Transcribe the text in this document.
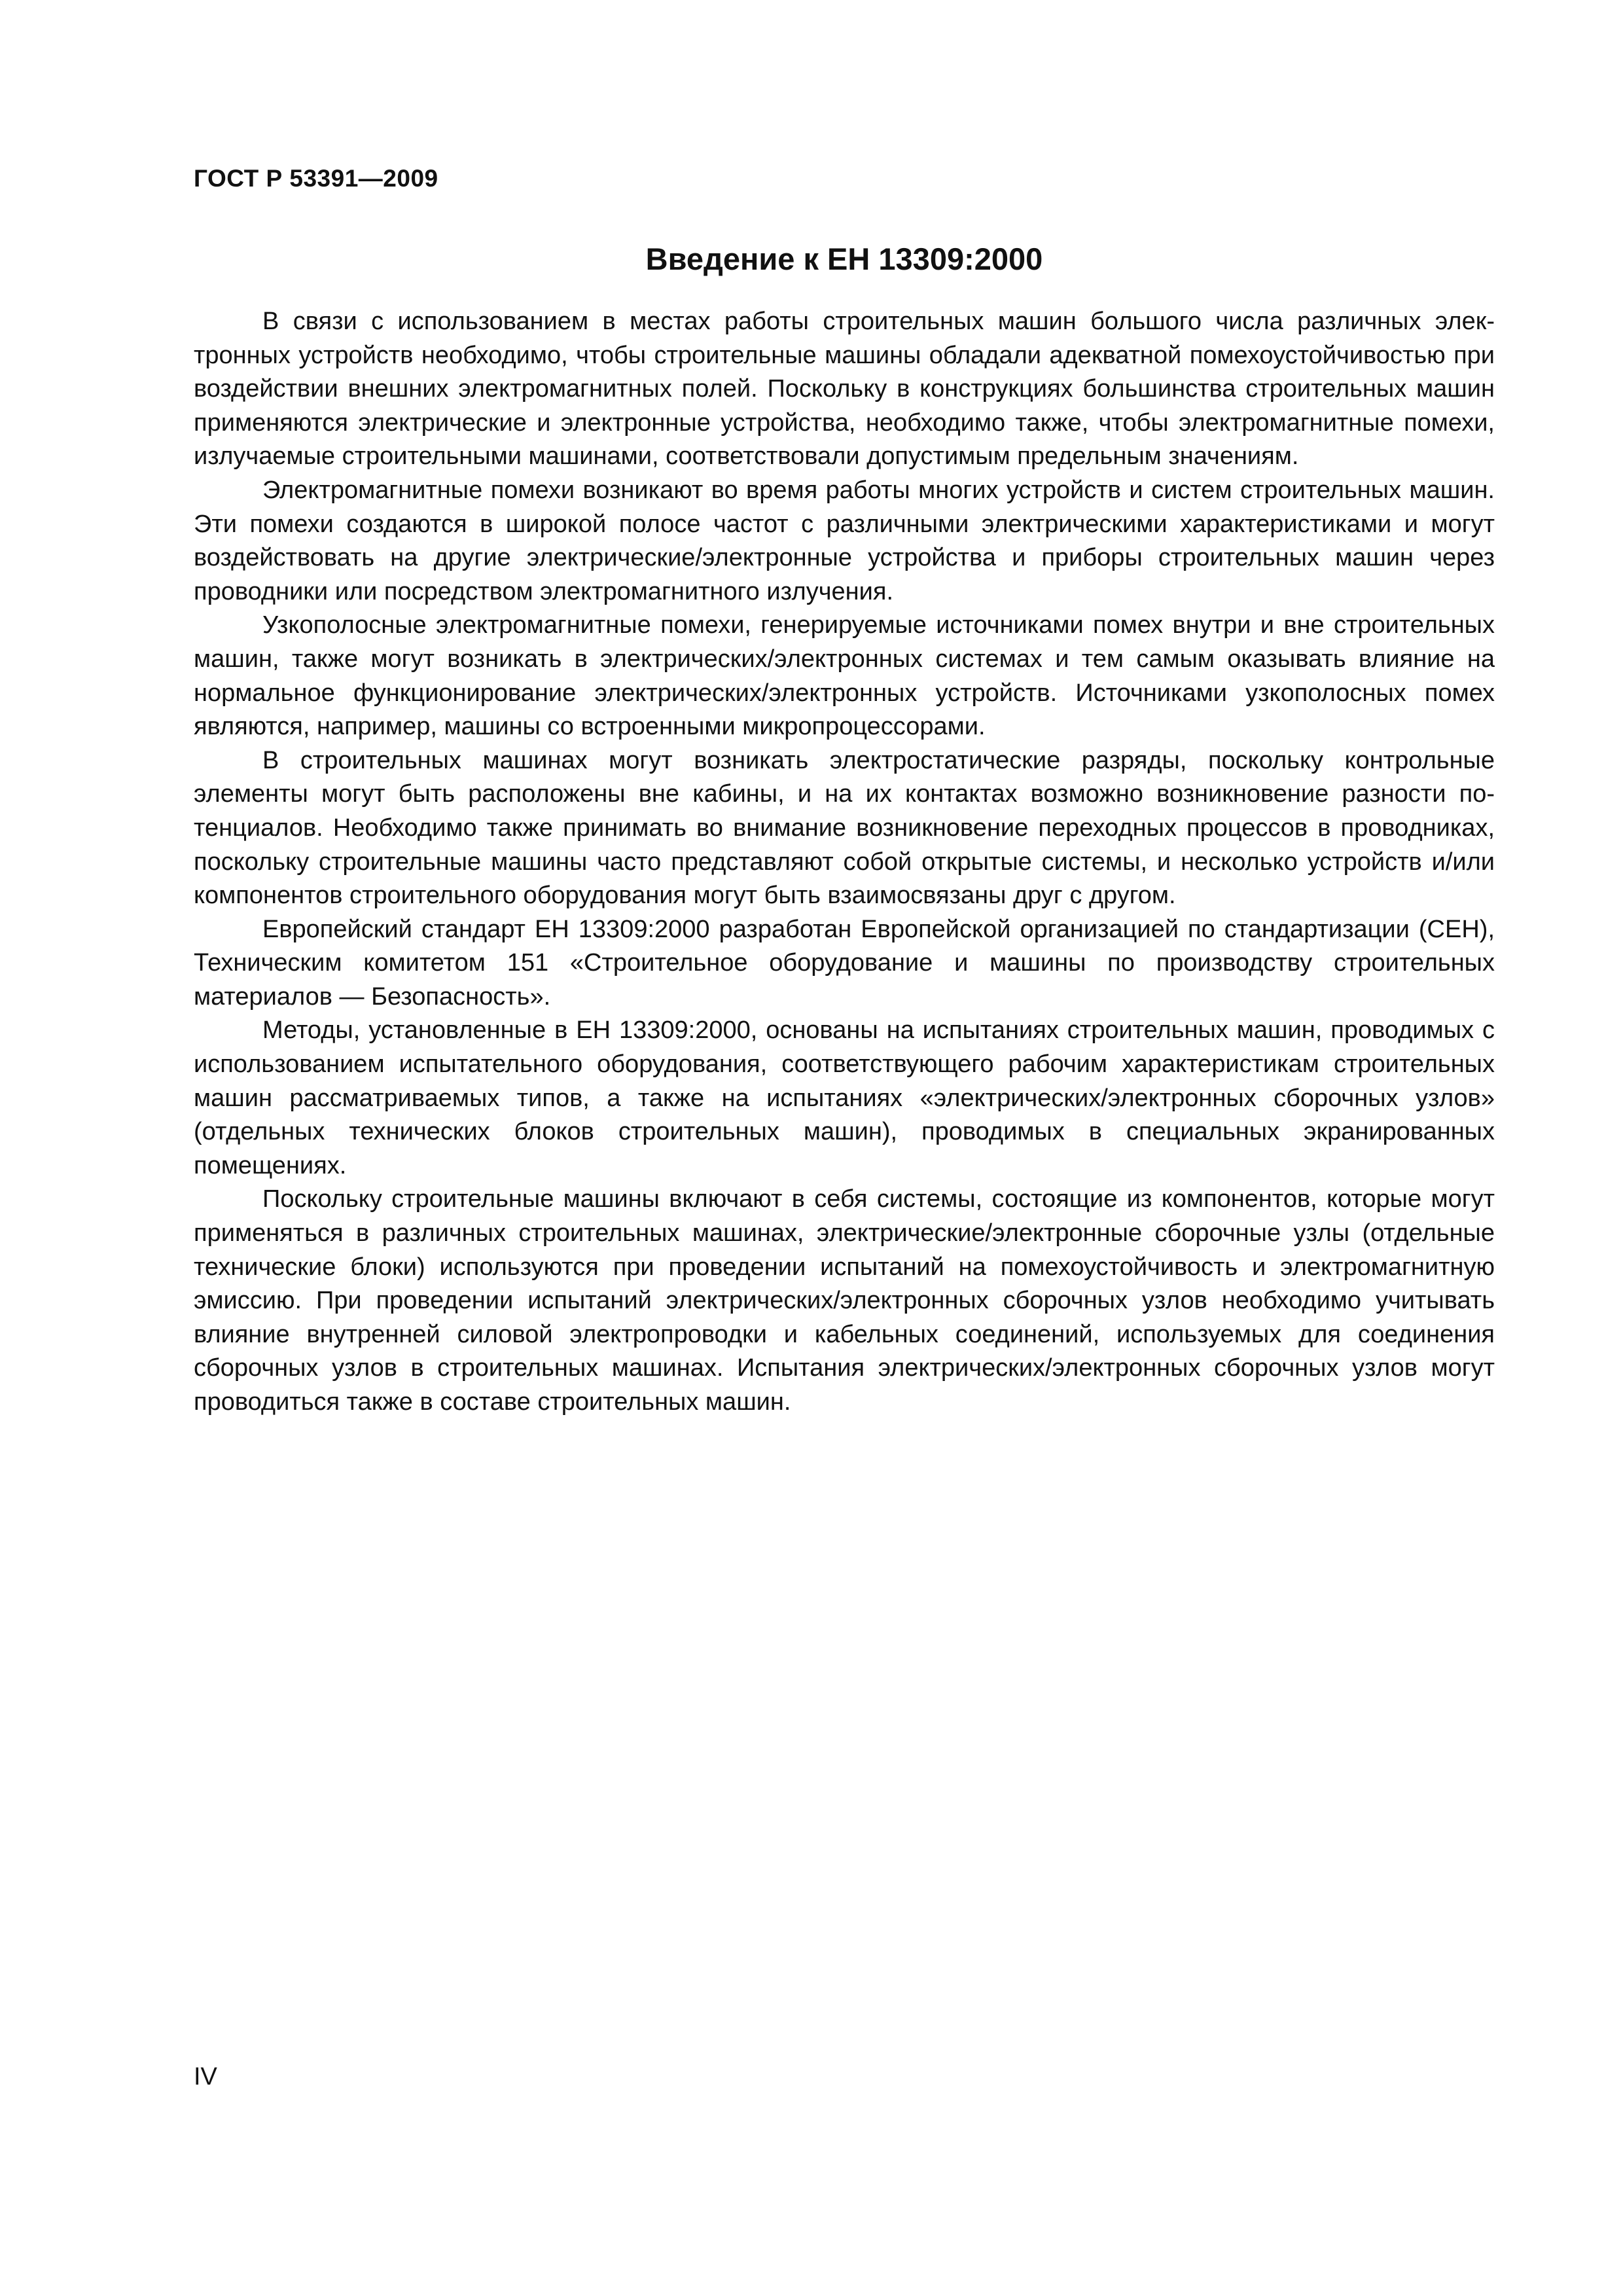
ГОСТ Р 53391—2009
Введение к ЕН 13309:2000

В связи с использованием в местах работы строительных машин большого числа различных электронных устройств необходимо, чтобы строительные машины обладали адекватной помехоустойчивостью при воздействии внешних электромагнитных полей. Поскольку в конструкциях большинства строительных машин применяются электрические и электронные устройства, необходимо также, чтобы электромагнитные помехи, излучаемые строительными машинами, соответствовали допустимым предельным значениям.

Электромагнитные помехи возникают во время работы многих устройств и систем строительных машин. Эти помехи создаются в широкой полосе частот с различными электрическими характеристиками и могут воздействовать на другие электрические/электронные устройства и приборы строительных машин через проводники или посредством электромагнитного излучения.

Узкополосные электромагнитные помехи, генерируемые источниками помех внутри и вне строительных машин, также могут возникать в электрических/электронных системах и тем самым оказывать влияние на нормальное функционирование электрических/электронных устройств. Источниками узкополосных помех являются, например, машины со встроенными микропроцессорами.

В строительных машинах могут возникать электростатические разряды, поскольку контрольные элементы могут быть расположены вне кабины, и на их контактах возможно возникновение разности потенциалов. Необходимо также принимать во внимание возникновение переходных процессов в проводниках, поскольку строительные машины часто представляют собой открытые системы, и несколько устройств и/или компонентов строительного оборудования могут быть взаимосвязаны друг с другом.

Европейский стандарт ЕН 13309:2000 разработан Европейской организацией по стандартизации (СЕН), Техническим комитетом 151 «Строительное оборудование и машины по производству строительных материалов — Безопасность».

Методы, установленные в ЕН 13309:2000, основаны на испытаниях строительных машин, проводимых с использованием испытательного оборудования, соответствующего рабочим характеристикам строительных машин рассматриваемых типов, а также на испытаниях «электрических/электронных сборочных узлов» (отдельных технических блоков строительных машин), проводимых в специальных экранированных помещениях.

Поскольку строительные машины включают в себя системы, состоящие из компонентов, которые могут применяться в различных строительных машинах, электрические/электронные сборочные узлы (отдельные технические блоки) используются при проведении испытаний на помехоустойчивость и электромагнитную эмиссию. При проведении испытаний электрических/электронных сборочных узлов необходимо учитывать влияние внутренней силовой электропроводки и кабельных соединений, используемых для соединения сборочных узлов в строительных машинах. Испытания электрических/электронных сборочных узлов могут проводиться также в составе строительных машин.

IV
